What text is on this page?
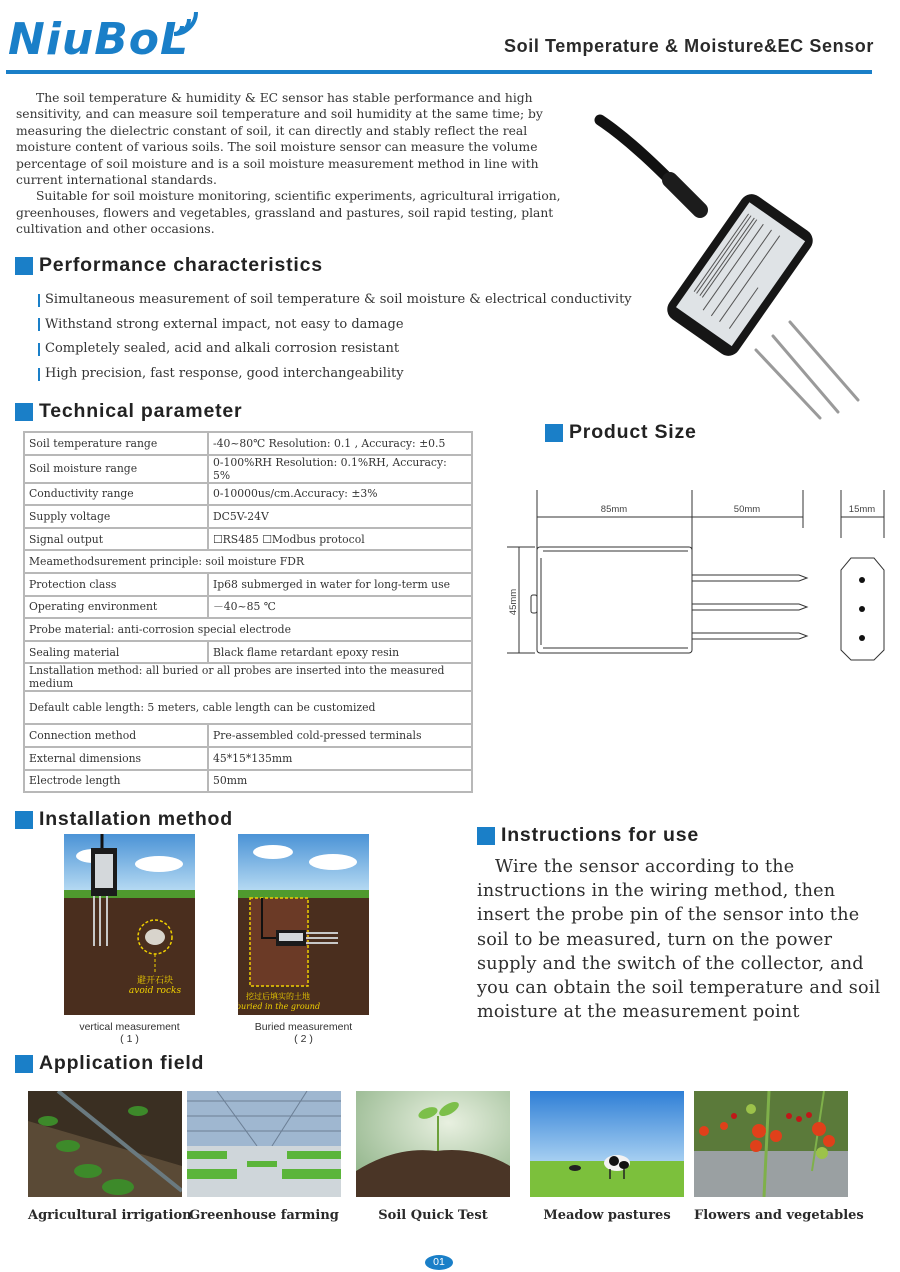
NiuBoL	Soil Temperature & Moisture&EC Sensor

The soil temperature & humidity & EC sensor has stable performance and high sensitivity, and can measure soil temperature and soil humidity at the same time; by measuring the dielectric constant of soil, it can directly and stably reflect the real moisture content of various soils. The soil moisture sensor can measure the volume percentage of soil moisture and is a soil moisture measurement method in line with current international standards.

Suitable for soil moisture monitoring, scientific experiments, agricultural irrigation, greenhouses, flowers and vegetables, grassland and pastures, soil rapid testing, plant cultivation and other occasions.

Performance characteristics
Simultaneous measurement of soil temperature & soil moisture & electrical conductivity
Withstand strong external impact, not easy to damage
Completely sealed, acid and alkali corrosion resistant
High precision, fast response, good interchangeability
Technical parameter
Soil temperature range	-40~80℃ Resolution: 0.1 , Accuracy: ±0.5
Soil moisture range	0-100%RH Resolution: 0.1%RH, Accuracy: 5%
Conductivity range	0-10000us/cm.Accuracy: ±3%
Supply voltage	DC5V-24V
Signal output	☐RS485 ☐Modbus protocol
Meamethodsurement principle: soil moisture FDR	
Protection class	Ip68 submerged in water for long-term use
Operating environment	－40~85 ℃
Probe material: anti-corrosion special electrode	
Sealing material	Black flame retardant epoxy resin
Lnstallation method: all buried or all probes are inserted into the measured medium	
Default cable length: 5 meters, cable length can be customized	
Connection method	Pre-assembled cold-pressed terminals
External dimensions	45*15*135mm
Electrode length	50mm
Product Size
85mm	50mm	15mm
45mm
Installation method
避开石块
avoid rocks
vertical measurement
( 1 )
挖过后填实的土地
buried in the ground
Buried measurement
( 2 )
Instructions for use
Wire the sensor according to the instructions in the wiring method, then insert the probe pin of the sensor into the soil to be measured, turn on the power supply and the switch of the collector, and you can obtain the soil temperature and soil moisture at the measurement point
Application field
Agricultural irrigation
Greenhouse farming	Soil Quick Test	Meadow pastures	Flowers and vegetables
01
